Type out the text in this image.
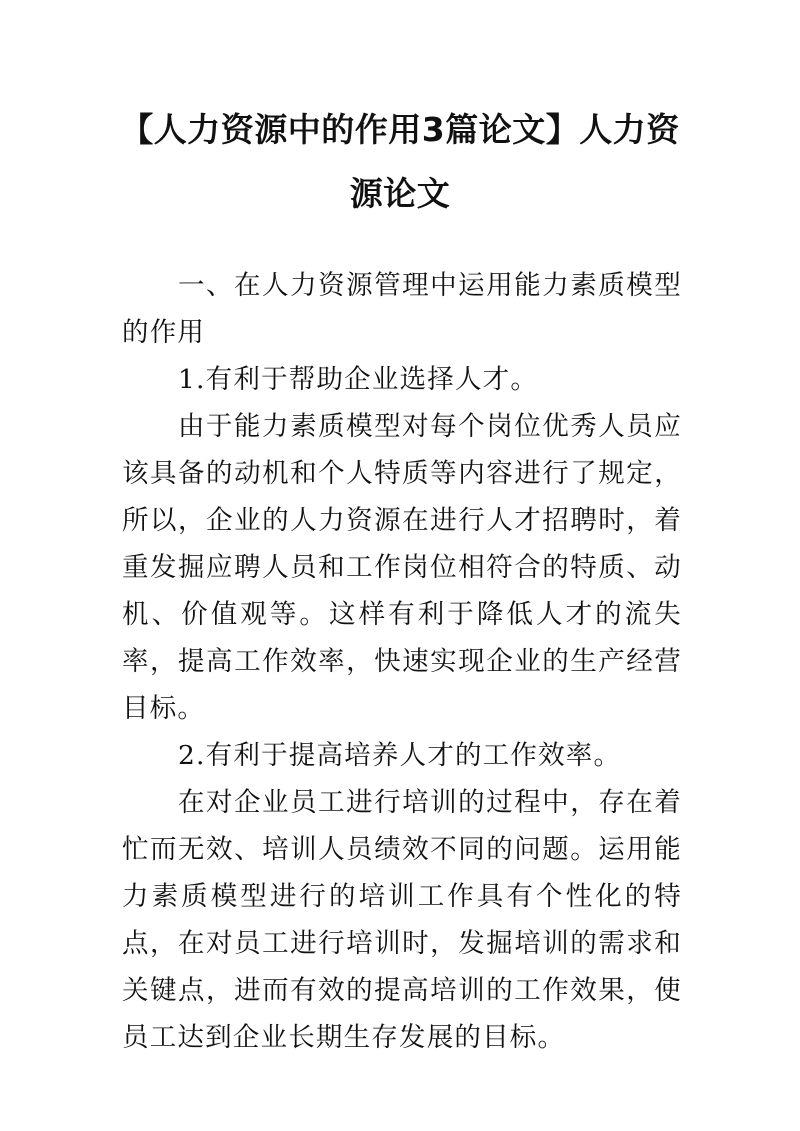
【人力资源中的作用3篇论文】人力资源论文

一、在人力资源管理中运用能力素质模型的作用

1.有利于帮助企业选择人才。

由于能力素质模型对每个岗位优秀人员应该具备的动机和个人特质等内容进行了规定，所以，企业的人力资源在进行人才招聘时，着重发掘应聘人员和工作岗位相符合的特质、动机、价值观等。这样有利于降低人才的流失率，提高工作效率，快速实现企业的生产经营目标。

2.有利于提高培养人才的工作效率。

在对企业员工进行培训的过程中，存在着忙而无效、培训人员绩效不同的问题。运用能力素质模型进行的培训工作具有个性化的特点，在对员工进行培训时，发掘培训的需求和关键点，进而有效的提高培训的工作效果，使员工达到企业长期生存发展的目标。
